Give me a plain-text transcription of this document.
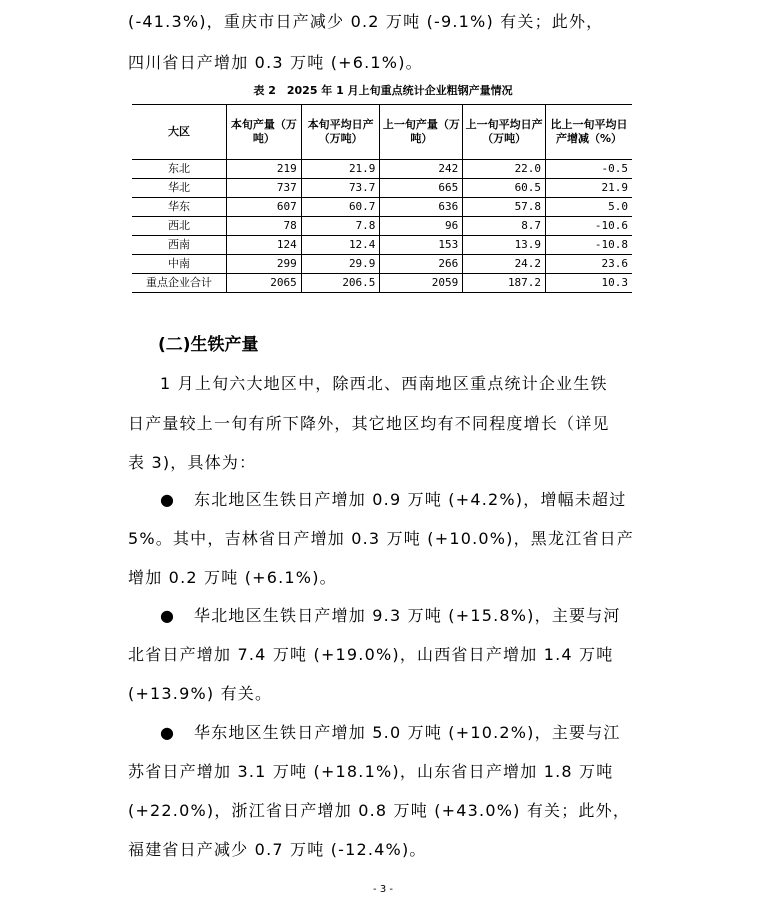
(-41.3%)，重庆市日产减少 0.2 万吨 (-9.1%) 有关；此外，
四川省日产增加 0.3 万吨 (+6.1%)。
表 2　2025 年 1 月上旬重点统计企业粗钢产量情况
大区	本旬产量（万吨）	本旬平均日产（万吨）	上一旬产量（万吨）	上一旬平均日产（万吨）	比上一旬平均日产增减（%）
东北	219	21.9	242	22.0	-0.5
华北	737	73.7	665	60.5	21.9
华东	607	60.7	636	57.8	5.0
西北	78	7.8	96	8.7	-10.6
西南	124	12.4	153	13.9	-10.8
中南	299	29.9	266	24.2	23.6
重点企业合计	2065	206.5	2059	187.2	10.3
(二)生铁产量
1 月上旬六大地区中，除西北、西南地区重点统计企业生铁
日产量较上一旬有所下降外，其它地区均有不同程度增长（详见
表 3)，具体为：
● 东北地区生铁日产增加 0.9 万吨 (+4.2%)，增幅未超过
5%。其中，吉林省日产增加 0.3 万吨 (+10.0%)，黑龙江省日产
增加 0.2 万吨 (+6.1%)。
● 华北地区生铁日产增加 9.3 万吨 (+15.8%)，主要与河
北省日产增加 7.4 万吨 (+19.0%)，山西省日产增加 1.4 万吨
(+13.9%) 有关。
● 华东地区生铁日产增加 5.0 万吨 (+10.2%)，主要与江
苏省日产增加 3.1 万吨 (+18.1%)，山东省日产增加 1.8 万吨
(+22.0%)，浙江省日产增加 0.8 万吨 (+43.0%) 有关；此外，
福建省日产减少 0.7 万吨 (-12.4%)。
- 3 -
